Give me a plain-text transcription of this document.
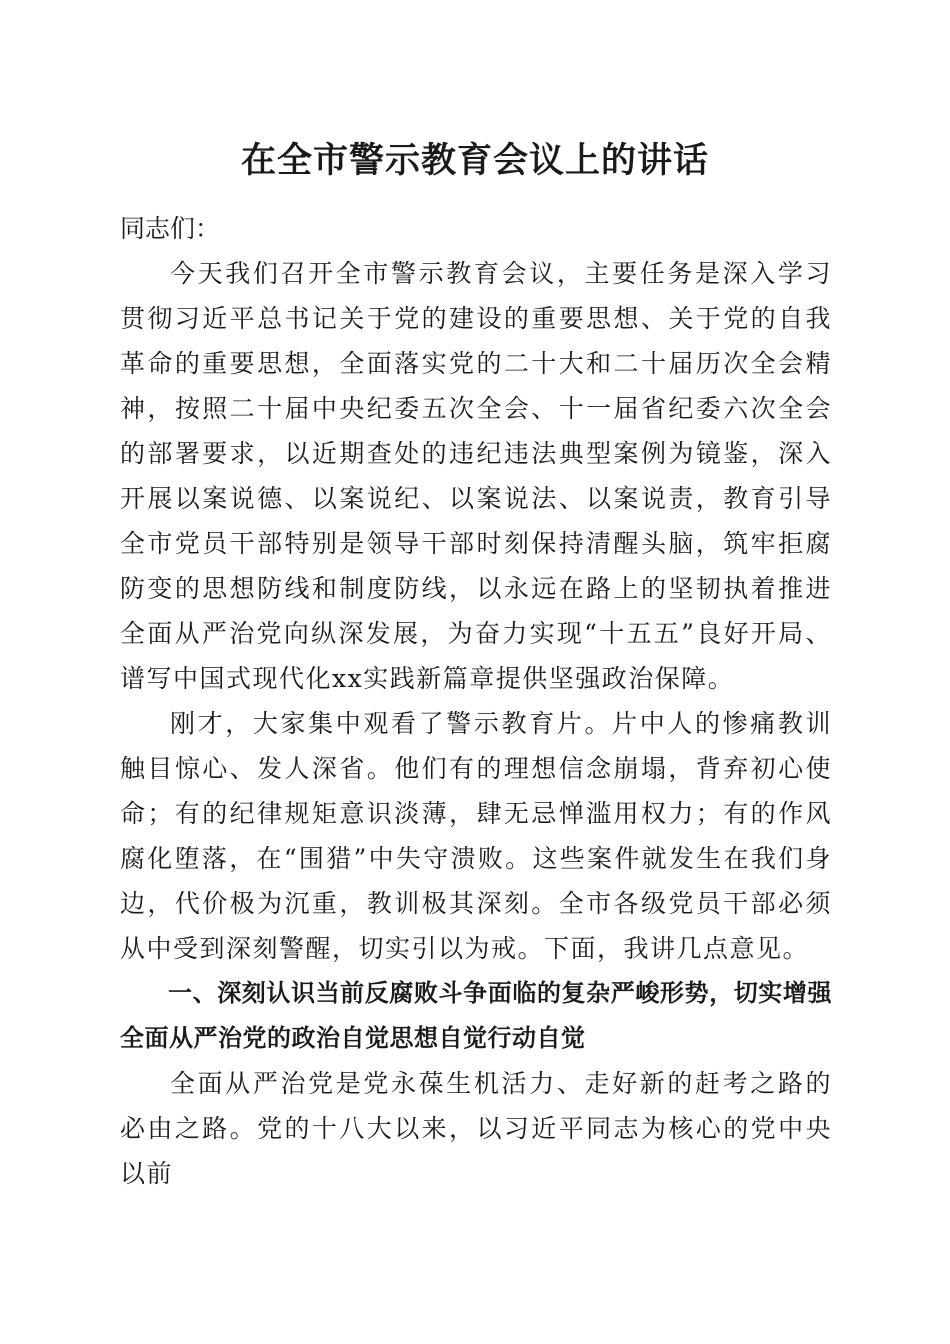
在全市警示教育会议上的讲话

同志们：

今天我们召开全市警示教育会议，主要任务是深入学习贯彻习近平总书记关于党的建设的重要思想、关于党的自我革命的重要思想，全面落实党的二十大和二十届历次全会精神，按照二十届中央纪委五次全会、十一届省纪委六次全会的部署要求，以近期查处的违纪违法典型案例为镜鉴，深入开展以案说德、以案说纪、以案说法、以案说责，教育引导全市党员干部特别是领导干部时刻保持清醒头脑，筑牢拒腐防变的思想防线和制度防线，以永远在路上的坚韧执着推进全面从严治党向纵深发展，为奋力实现“十五五”良好开局、谱写中国式现代化xx实践新篇章提供坚强政治保障。

刚才，大家集中观看了警示教育片。片中人的惨痛教训触目惊心、发人深省。他们有的理想信念崩塌，背弃初心使命；有的纪律规矩意识淡薄，肆无忌惮滥用权力；有的作风腐化堕落，在“围猎”中失守溃败。这些案件就发生在我们身边，代价极为沉重，教训极其深刻。全市各级党员干部必须从中受到深刻警醒，切实引以为戒。下面，我讲几点意见。

一、深刻认识当前反腐败斗争面临的复杂严峻形势，切实增强全面从严治党的政治自觉思想自觉行动自觉

全面从严治党是党永葆生机活力、走好新的赶考之路的必由之路。党的十八大以来，以习近平同志为核心的党中央以前
